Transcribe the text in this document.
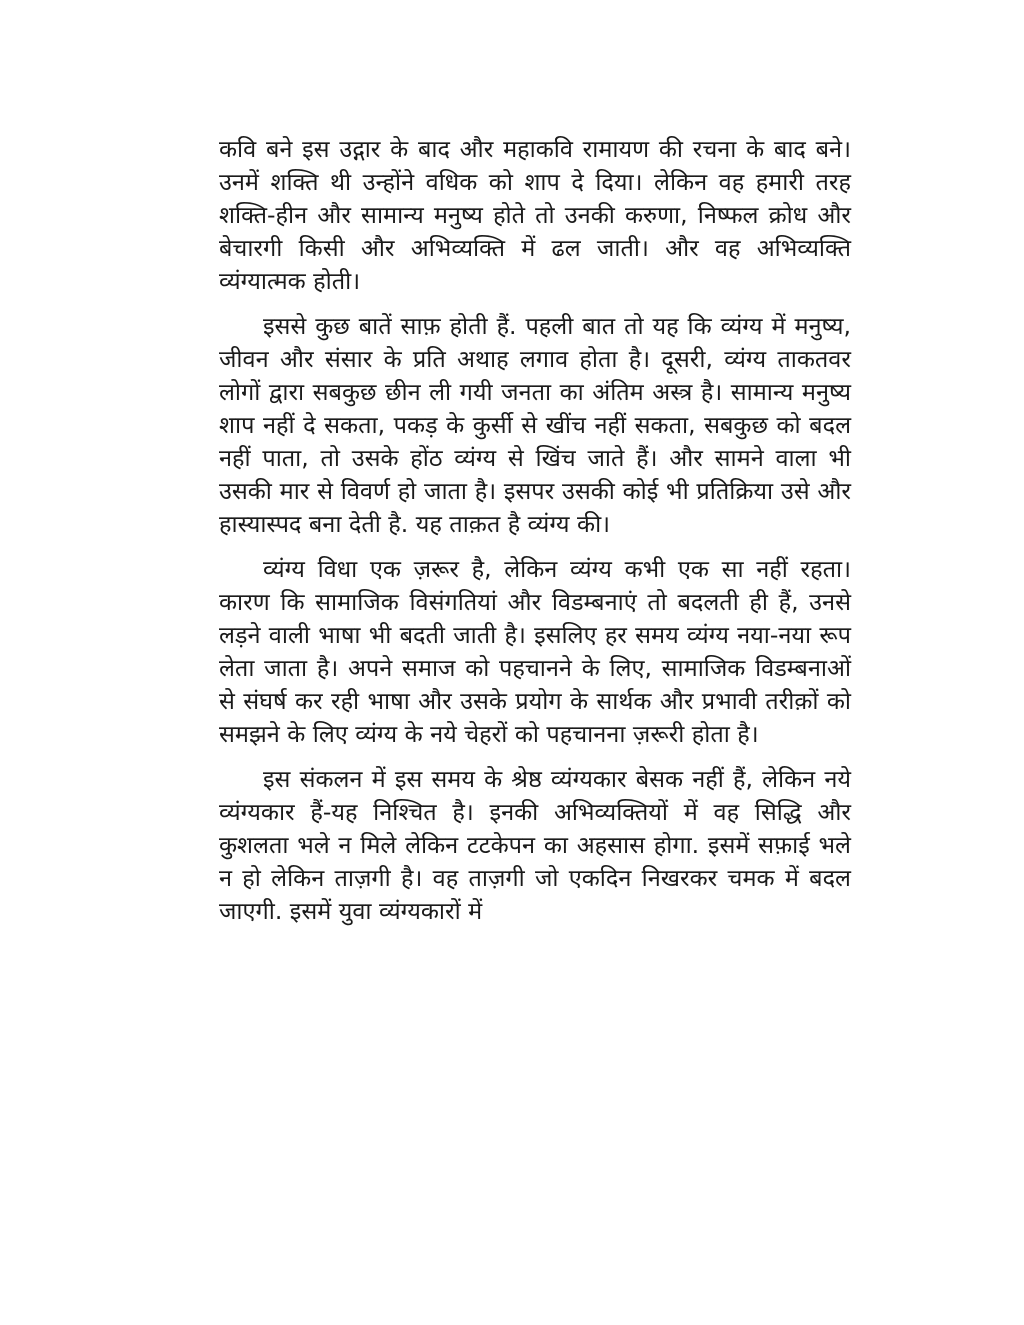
कवि बने इस उद्गार के बाद और महाकवि रामायण की रचना के बाद बने। उनमें शक्ति थी उन्होंने वधिक को शाप दे दिया। लेकिन वह हमारी तरह शक्ति-हीन और सामान्य मनुष्य होते तो उनकी करुणा, निष्फल क्रोध और बेचारगी किसी और अभिव्यक्ति में ढल जाती। और वह अभिव्यक्ति व्यंग्यात्मक होती।

इससे कुछ बातें साफ़ होती हैं. पहली बात तो यह कि व्यंग्य में मनुष्य, जीवन और संसार के प्रति अथाह लगाव होता है। दूसरी, व्यंग्य ताकतवर लोगों द्वारा सबकुछ छीन ली गयी जनता का अंतिम अस्त्र है। सामान्य मनुष्य शाप नहीं दे सकता, पकड़ के कुर्सी से खींच नहीं सकता, सबकुछ को बदल नहीं पाता, तो उसके होंठ व्यंग्य से खिंच जाते हैं। और सामने वाला भी उसकी मार से विवर्ण हो जाता है। इसपर उसकी कोई भी प्रतिक्रिया उसे और हास्यास्पद बना देती है. यह ताक़त है व्यंग्य की।

व्यंग्य विधा एक ज़रूर है, लेकिन व्यंग्य कभी एक सा नहीं रहता। कारण कि सामाजिक विसंगतियां और विडम्बनाएं तो बदलती ही हैं, उनसे लड़ने वाली भाषा भी बदती जाती है। इसलिए हर समय व्यंग्य नया-नया रूप लेता जाता है। अपने समाज को पहचानने के लिए, सामाजिक विडम्बनाओं से संघर्ष कर रही भाषा और उसके प्रयोग के सार्थक और प्रभावी तरीक़ों को समझने के लिए व्यंग्य के नये चेहरों को पहचानना ज़रूरी होता है।

इस संकलन में इस समय के श्रेष्ठ व्यंग्यकार बेसक नहीं हैं, लेकिन नये व्यंग्यकार हैं-यह निश्चित है। इनकी अभिव्यक्तियों में वह सिद्धि और कुशलता भले न मिले लेकिन टटकेपन का अहसास होगा. इसमें सफ़ाई भले न हो लेकिन ताज़गी है। वह ताज़गी जो एकदिन निखरकर चमक में बदल जाएगी. इसमें युवा व्यंग्यकारों में
